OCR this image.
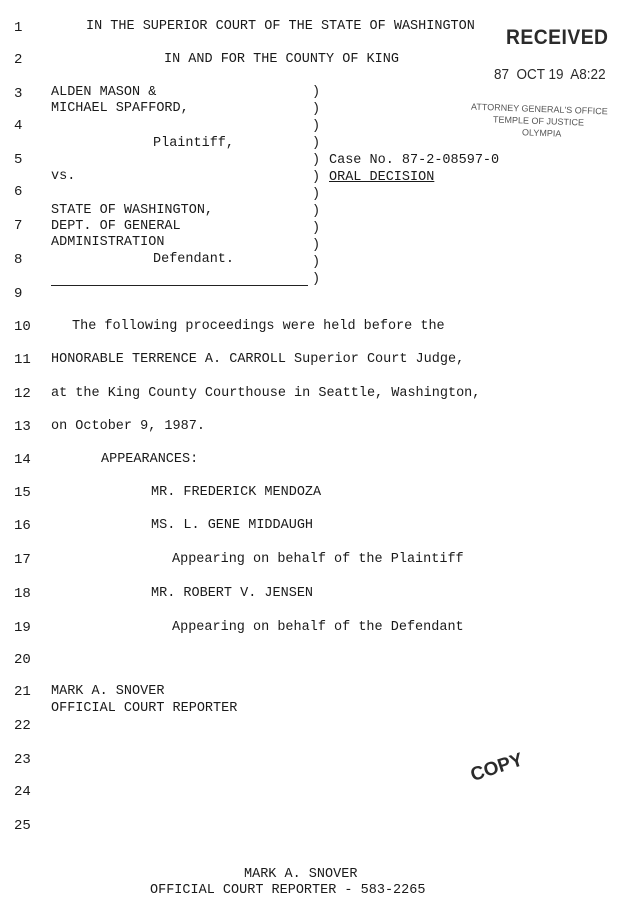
1
2
3
4
5
6
7
8
9
10
11
12
13
14
15
16
17
18
19
20
21
22
23
24
25
IN THE SUPERIOR COURT OF THE STATE OF WASHINGTON
IN AND FOR THE COUNTY OF KING
ALDEN MASON &
MICHAEL SPAFFORD,
Plaintiff,
vs.
STATE OF WASHINGTON,
DEPT. OF GENERAL
ADMINISTRATION
Defendant.
)
)
)
)
)
)
)
)
)
)
)
)
Case No. 87-2-08597-0
ORAL DECISION
The following proceedings were held before the
HONORABLE TERRENCE A. CARROLL Superior Court Judge,
at the King County Courthouse in Seattle, Washington,
on October 9, 1987.
APPEARANCES:
MR. FREDERICK MENDOZA
MS. L. GENE MIDDAUGH
Appearing on behalf of the Plaintiff
MR. ROBERT V. JENSEN
Appearing on behalf of the Defendant
MARK A. SNOVER
OFFICIAL COURT REPORTER
MARK A. SNOVER
OFFICIAL COURT REPORTER - 583-2265
RECEIVED
87  OCT 19  A8:22
ATTORNEY GENERAL'S OFFICE
TEMPLE OF JUSTICE
OLYMPIA
COPY
